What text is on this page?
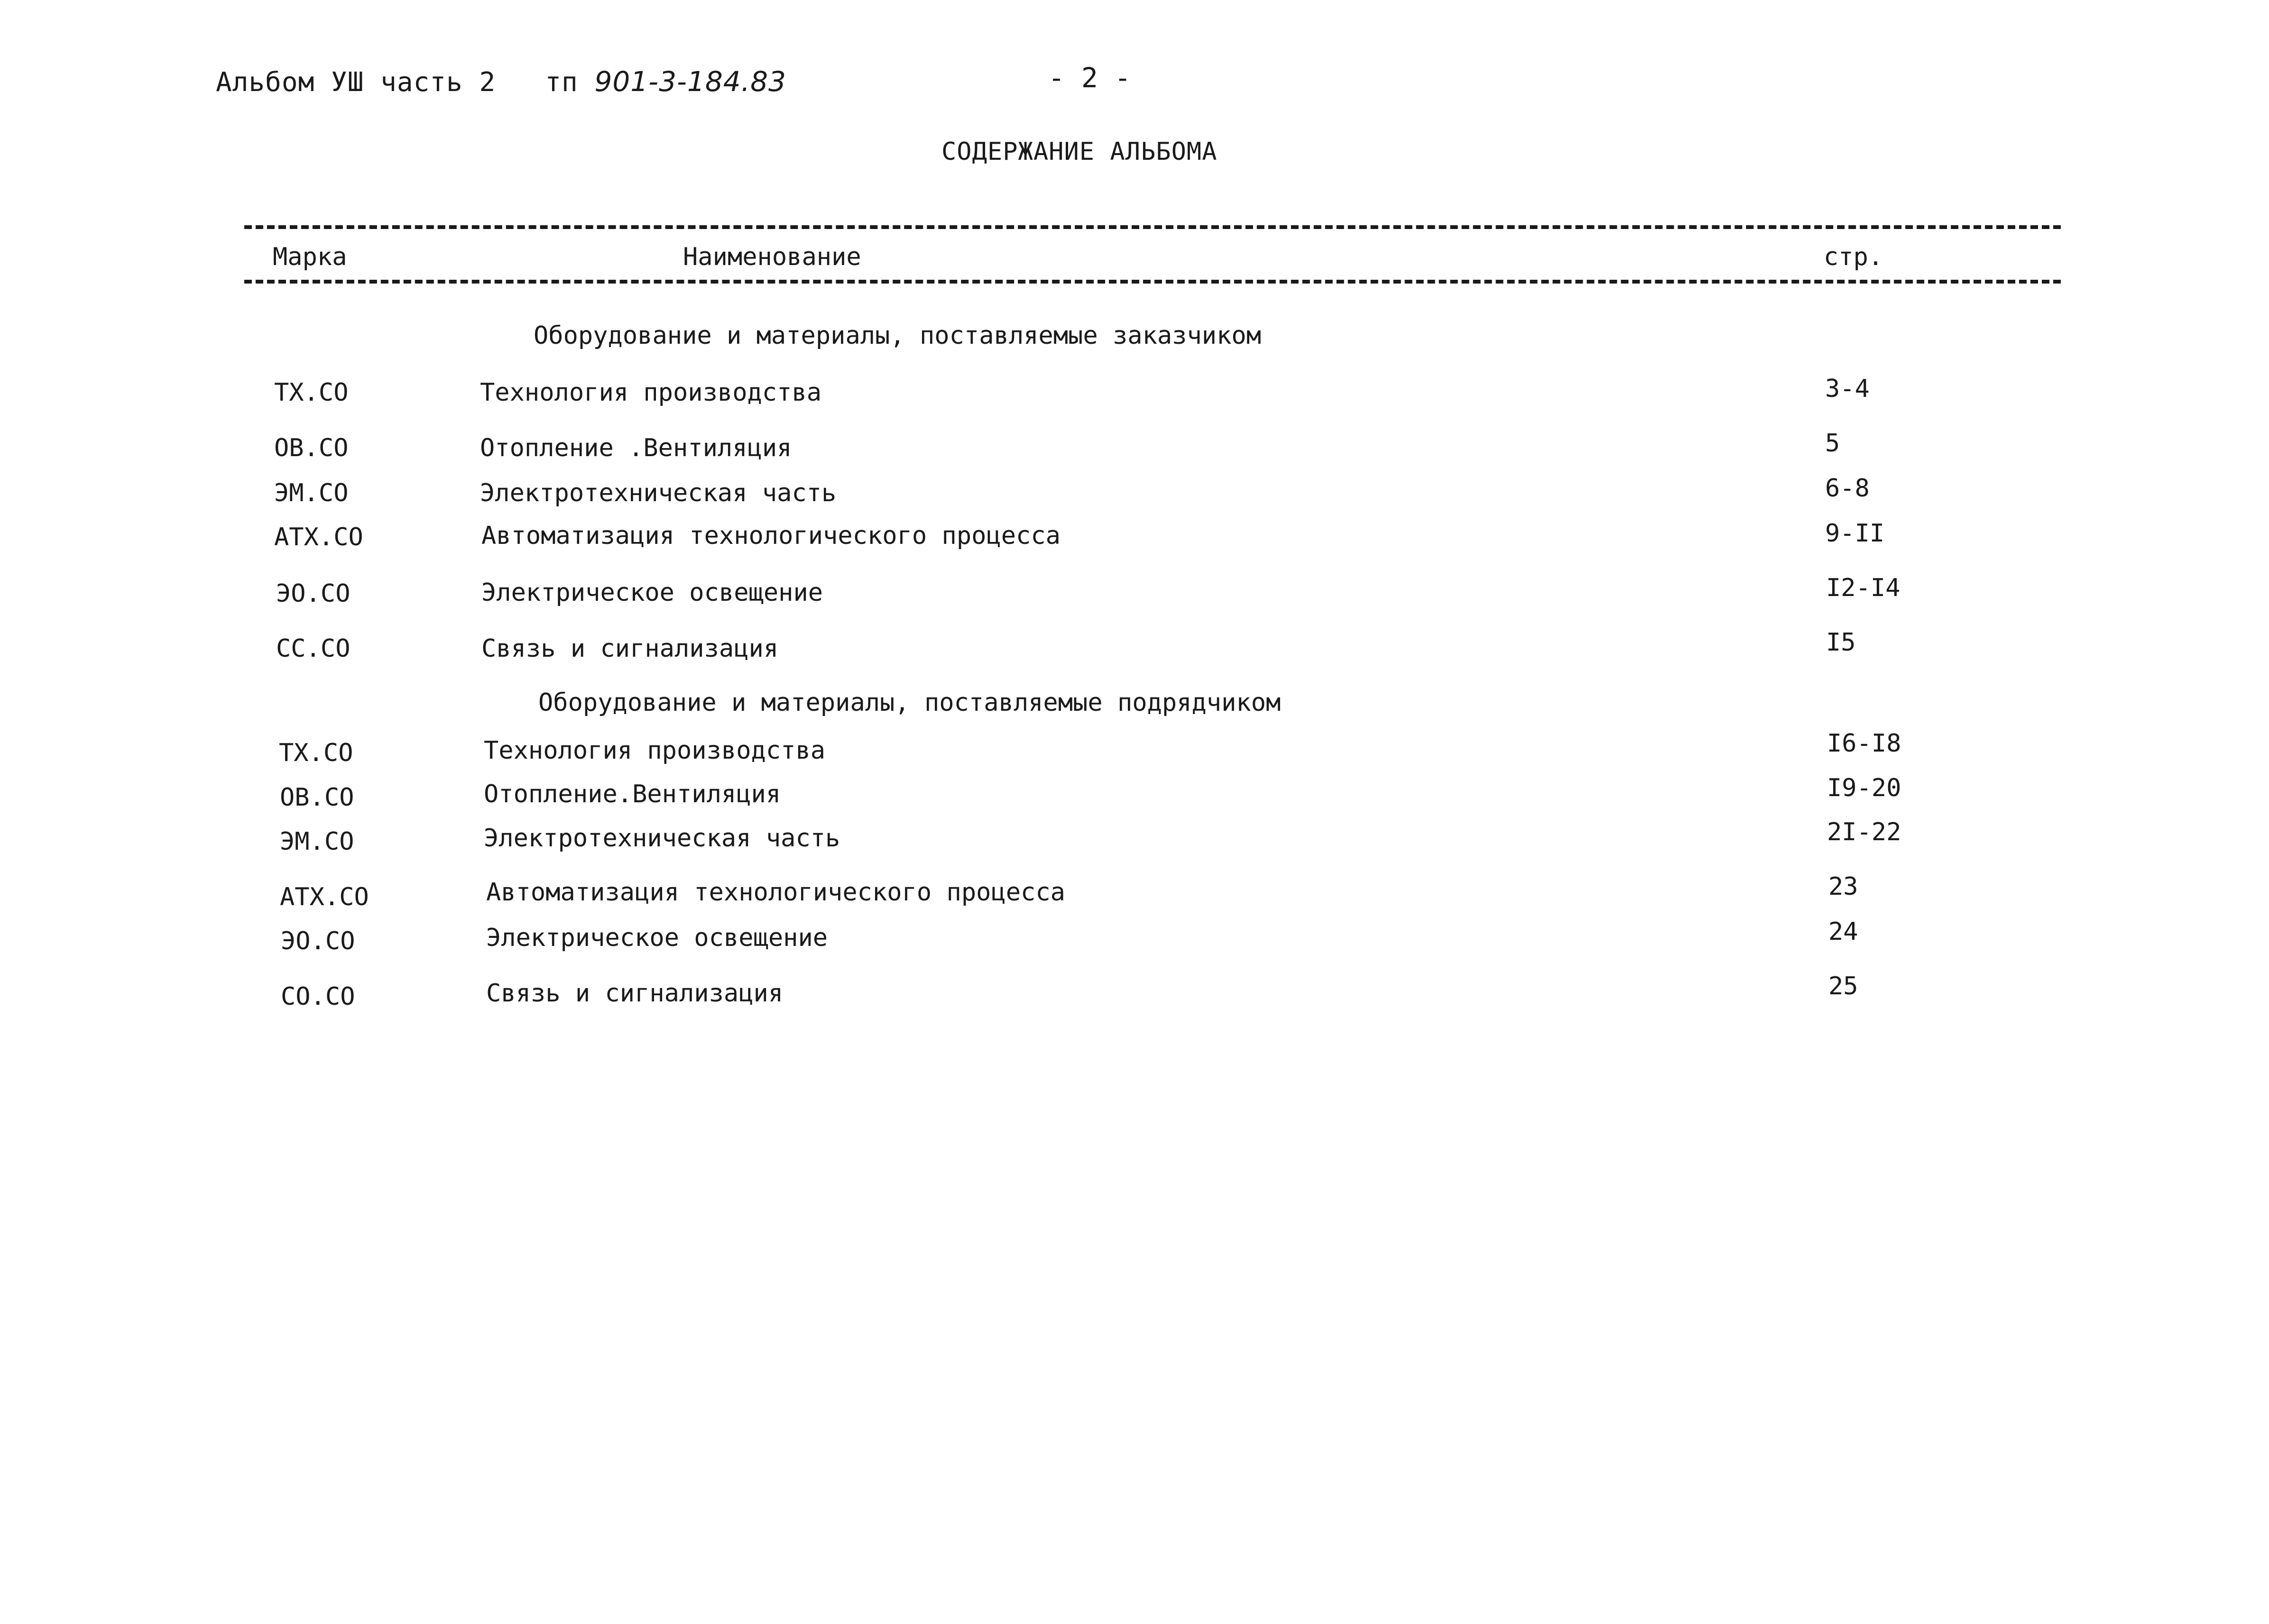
Альбом УШ часть 2 тп 901-3-184.83	- 2 -
СОДЕРЖАНИЕ АЛЬБОМА
Марка	Наименование	стр.
Оборудование и материалы, поставляемые заказчиком
ТХ.СО	Технология производства	3-4
ОВ.СО	Отопление .Вентиляция	5
ЭМ.СО	Электротехническая часть	6-8
АТХ.СО	Автоматизация технологического процесса	9-II
ЭО.СО	Электрическое освещение	I2-I4
СС.СО	Связь и сигнализация	I5
Оборудование и материалы, поставляемые подрядчиком
ТХ.СО	Технология производства	I6-I8
ОВ.СО	Отопление.Вентиляция	I9-20
ЭМ.СО	Электротехническая часть	2I-22
АТХ.СО	Автоматизация технологического процесса	23
ЭО.СО	Электрическое освещение	24
СО.СО	Связь и сигнализация	25
